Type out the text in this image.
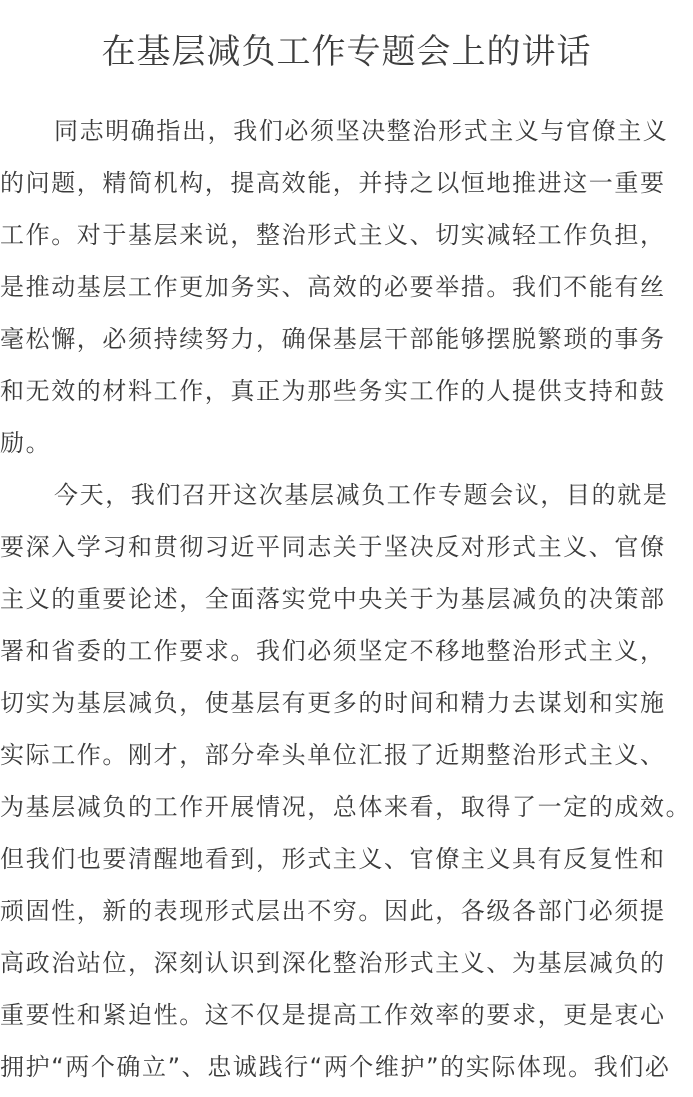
在基层减负工作专题会上的讲话
同志明确指出，我们必须坚决整治形式主义与官僚主义
的问题，精简机构，提高效能，并持之以恒地推进这一重要
工作。对于基层来说，整治形式主义、切实减轻工作负担，
是推动基层工作更加务实、高效的必要举措。我们不能有丝
毫松懈，必须持续努力，确保基层干部能够摆脱繁琐的事务
和无效的材料工作，真正为那些务实工作的人提供支持和鼓
励。
今天，我们召开这次基层减负工作专题会议，目的就是
要深入学习和贯彻习近平同志关于坚决反对形式主义、官僚
主义的重要论述，全面落实党中央关于为基层减负的决策部
署和省委的工作要求。我们必须坚定不移地整治形式主义，
切实为基层减负，使基层有更多的时间和精力去谋划和实施
实际工作。刚才，部分牵头单位汇报了近期整治形式主义、
为基层减负的工作开展情况，总体来看，取得了一定的成效。
但我们也要清醒地看到，形式主义、官僚主义具有反复性和
顽固性，新的表现形式层出不穷。因此，各级各部门必须提
高政治站位，深刻认识到深化整治形式主义、为基层减负的
重要性和紧迫性。这不仅是提高工作效率的要求，更是衷心
拥护“两个确立”、忠诚践行“两个维护”的实际体现。我们必
